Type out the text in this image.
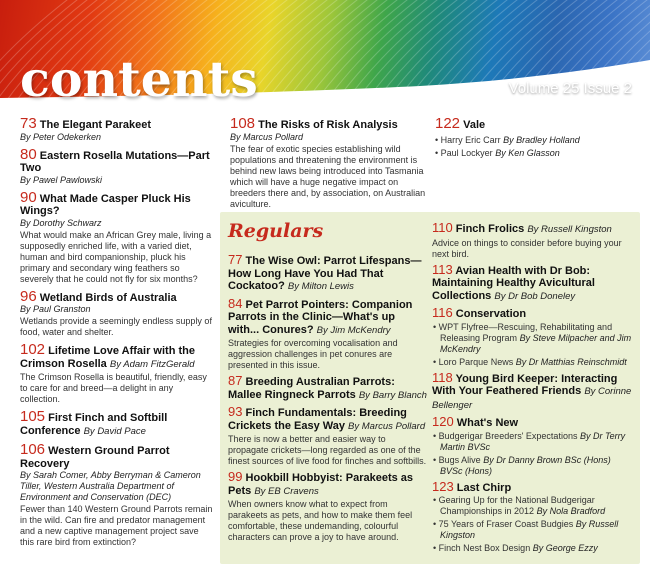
contents	Volume 25 Issue 2
73 The Elegant Parakeet
By Peter Odekerken
80 Eastern Rosella Mutations—Part Two
By Pawel Pawlowski
90 What Made Casper Pluck His Wings?
By Dorothy Schwarz
What would make an African Grey male, living a supposedly enriched life, with a varied diet, human and bird companionship, pluck his primary and secondary wing feathers so severely that he could not fly for six months?
96 Wetland Birds of Australia
By Paul Granston
Wetlands provide a seemingly endless supply of food, water and shelter.
102 Lifetime Love Affair with the Crimson Rosella By Adam FitzGerald
The Crimson Rosella is beautiful, friendly, easy to care for and breed—a delight in any collection.
105 First Finch and Softbill Conference By David Pace
106 Western Ground Parrot Recovery
By Sarah Comer, Abby Berryman & Cameron Tiller, Western Australia Department of Environment and Conservation (DEC)
Fewer than 140 Western Ground Parrots remain in the wild. Can fire and predator management and a new captive management project save this rare bird from extinction?
108 The Risks of Risk Analysis
By Marcus Pollard
The fear of exotic species establishing wild populations and threatening the environment is behind new laws being introduced into Tasmania which will have a huge negative impact on breeders there and, by association, on Australian aviculture.
122 Vale
• Harry Eric Carr By Bradley Holland
• Paul Lockyer By Ken Glasson
Regulars
77 The Wise Owl: Parrot Lifespans—How Long Have You Had That Cockatoo? By Milton Lewis
84 Pet Parrot Pointers: Companion Parrots in the Clinic—What's up with... Conures? By Jim McKendry
Strategies for overcoming vocalisation and aggression challenges in pet conures are presented in this issue.
87 Breeding Australian Parrots: Mallee Ringneck Parrots By Barry Blanch
93 Finch Fundamentals: Breeding Crickets the Easy Way By Marcus Pollard
There is now a better and easier way to propagate crickets—long regarded as one of the finest sources of live food for finches and softbills.
99 Hookbill Hobbyist: Parakeets as Pets By EB Cravens
When owners know what to expect from parakeets as pets, and how to make them feel comfortable, these undemanding, colourful characters can prove a joy to have around.
110 Finch Frolics By Russell Kingston
Advice on things to consider before buying your next bird.
113 Avian Health with Dr Bob: Maintaining Healthy Avicultural Collections By Dr Bob Doneley
116 Conservation
• WPT Flyfree—Rescuing, Rehabilitating and Releasing Program By Steve Milpacher and Jim McKendry
• Loro Parque News By Dr Matthias Reinschmidt
118 Young Bird Keeper: Interacting With Your Feathered Friends By Corinne Bellenger
120 What's New
• Budgerigar Breeders' Expectations By Dr Terry Martin BVSc
• Bugs Alive By Dr Danny Brown BSc (Hons) BVSc (Hons)
123 Last Chirp
• Gearing Up for the National Budgerigar Championships in 2012 By Nola Bradford
• 75 Years of Fraser Coast Budgies By Russell Kingston
• Finch Nest Box Design By George Ezzy
